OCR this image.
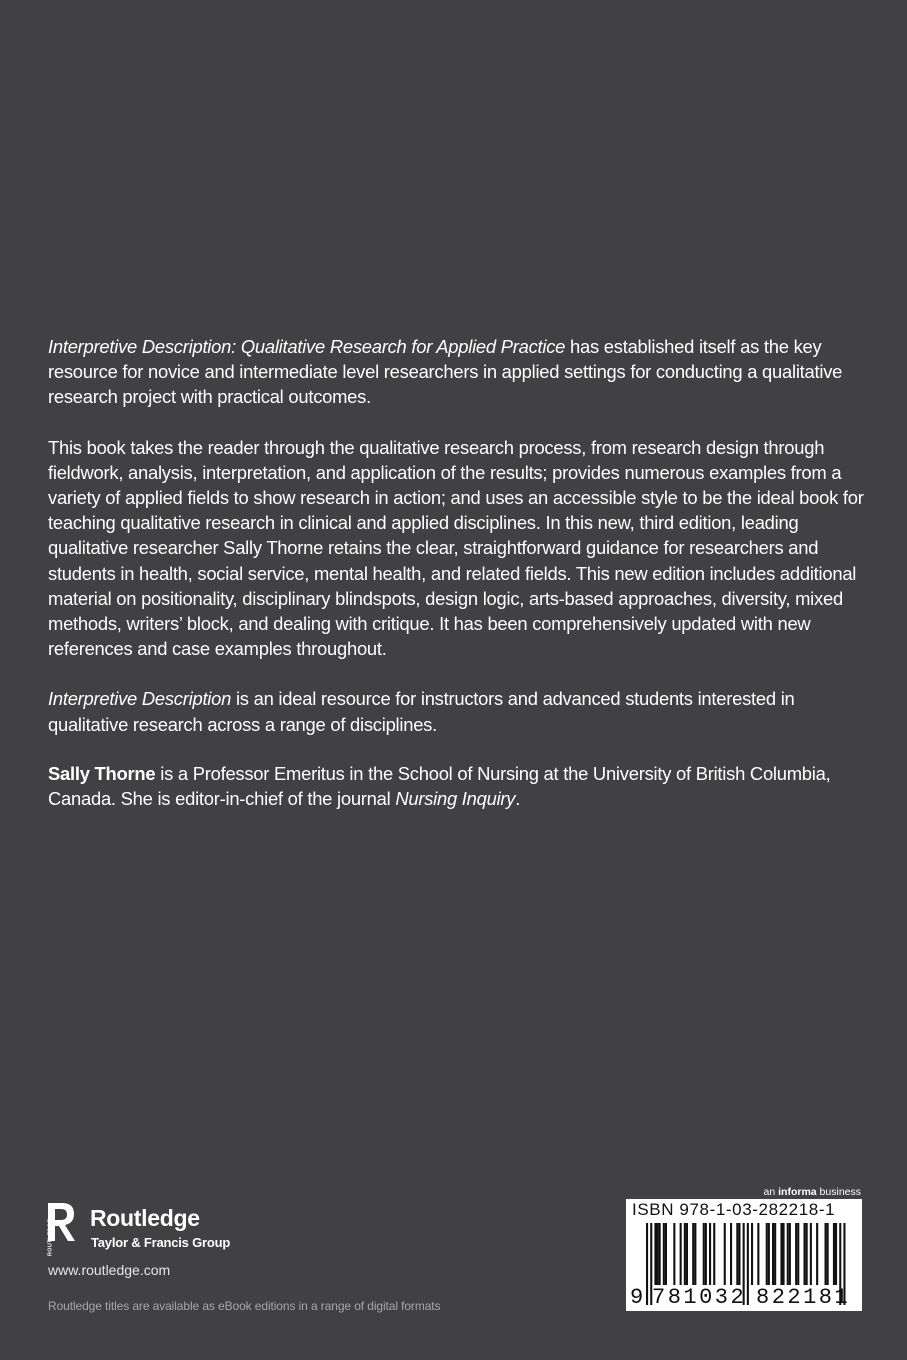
Interpretive Description: Qualitative Research for Applied Practice has established itself as the key resource for novice and intermediate level researchers in applied settings for conducting a qualitative research project with practical outcomes.

This book takes the reader through the qualitative research process, from research design through fieldwork, analysis, interpretation, and application of the results; provides numerous examples from a variety of applied fields to show research in action; and uses an accessible style to be the ideal book for teaching qualitative research in clinical and applied disciplines. In this new, third edition, leading qualitative researcher Sally Thorne retains the clear, straightforward guidance for researchers and students in health, social service, mental health, and related fields. This new edition includes additional material on positionality, disciplinary blindspots, design logic, arts-based approaches, diversity, mixed methods, writers’ block, and dealing with critique. It has been comprehensively updated with new references and case examples throughout.

Interpretive Description is an ideal resource for instructors and advanced students interested in qualitative research across a range of disciplines.

Sally Thorne is a Professor Emeritus in the School of Nursing at the University of British Columbia, Canada. She is editor-in-chief of the journal Nursing Inquiry.

ROUTLEDGE
Routledge
Taylor & Francis Group
www.routledge.com
Routledge titles are available as eBook editions in a range of digital formats
an informa business
ISBN 978-1-03-282218-1
9 781032 822181
